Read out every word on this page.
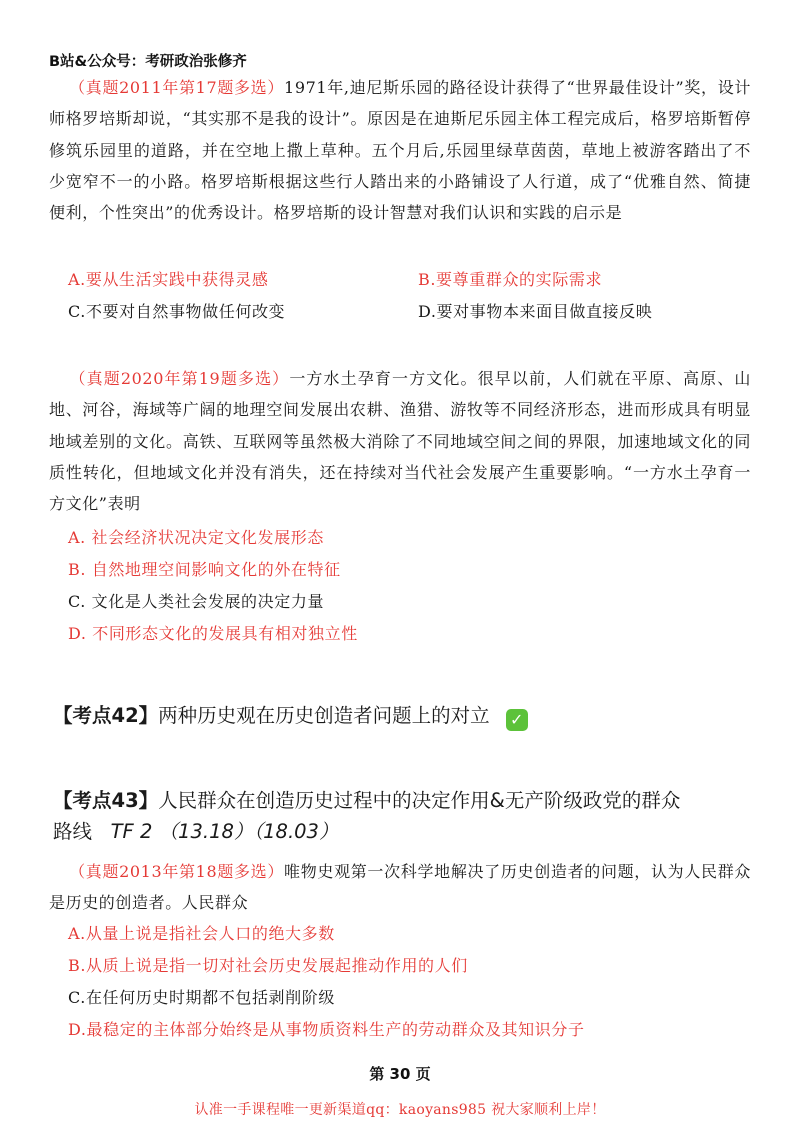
B站&公众号：考研政治张修齐
（真题2011年第17题多选）1971年,迪尼斯乐园的路径设计获得了“世界最佳设计”奖，设计师格罗培斯却说，“其实那不是我的设计”。原因是在迪斯尼乐园主体工程完成后，格罗培斯暂停修筑乐园里的道路，并在空地上撒上草种。五个月后,乐园里绿草茵茵，草地上被游客踏出了不少宽窄不一的小路。格罗培斯根据这些行人踏出来的小路铺设了人行道，成了“优雅自然、简捷便利，个性突出”的优秀设计。格罗培斯的设计智慧对我们认识和实践的启示是
A.要从生活实践中获得灵感	B.要尊重群众的实际需求
C.不要对自然事物做任何改变	D.要对事物本来面目做直接反映
（真题2020年第19题多选）一方水土孕育一方文化。很早以前，人们就在平原、高原、山地、河谷，海域等广阔的地理空间发展出农耕、渔猎、游牧等不同经济形态，进而形成具有明显地域差别的文化。高铁、互联网等虽然极大消除了不同地域空间之间的界限，加速地域文化的同质性转化，但地域文化并没有消失，还在持续对当代社会发展产生重要影响。“一方水土孕育一方文化”表明
A. 社会经济状况决定文化发展形态
B. 自然地理空间影响文化的外在特征
C. 文化是人类社会发展的决定力量
D. 不同形态文化的发展具有相对独立性
【考点42】两种历史观在历史创造者问题上的对立 ✓
【考点43】人民群众在创造历史过程中的决定作用&无产阶级政党的群众
路线 TF 2 （13.18）（18.03）
（真题2013年第18题多选）唯物史观第一次科学地解决了历史创造者的问题，认为人民群众是历史的创造者。人民群众
A.从量上说是指社会人口的绝大多数
B.从质上说是指一切对社会历史发展起推动作用的人们
C.在任何历史时期都不包括剥削阶级
D.最稳定的主体部分始终是从事物质资料生产的劳动群众及其知识分子
第 30 页
认准一手课程唯一更新渠道qq：kaoyans985 祝大家顺利上岸！
